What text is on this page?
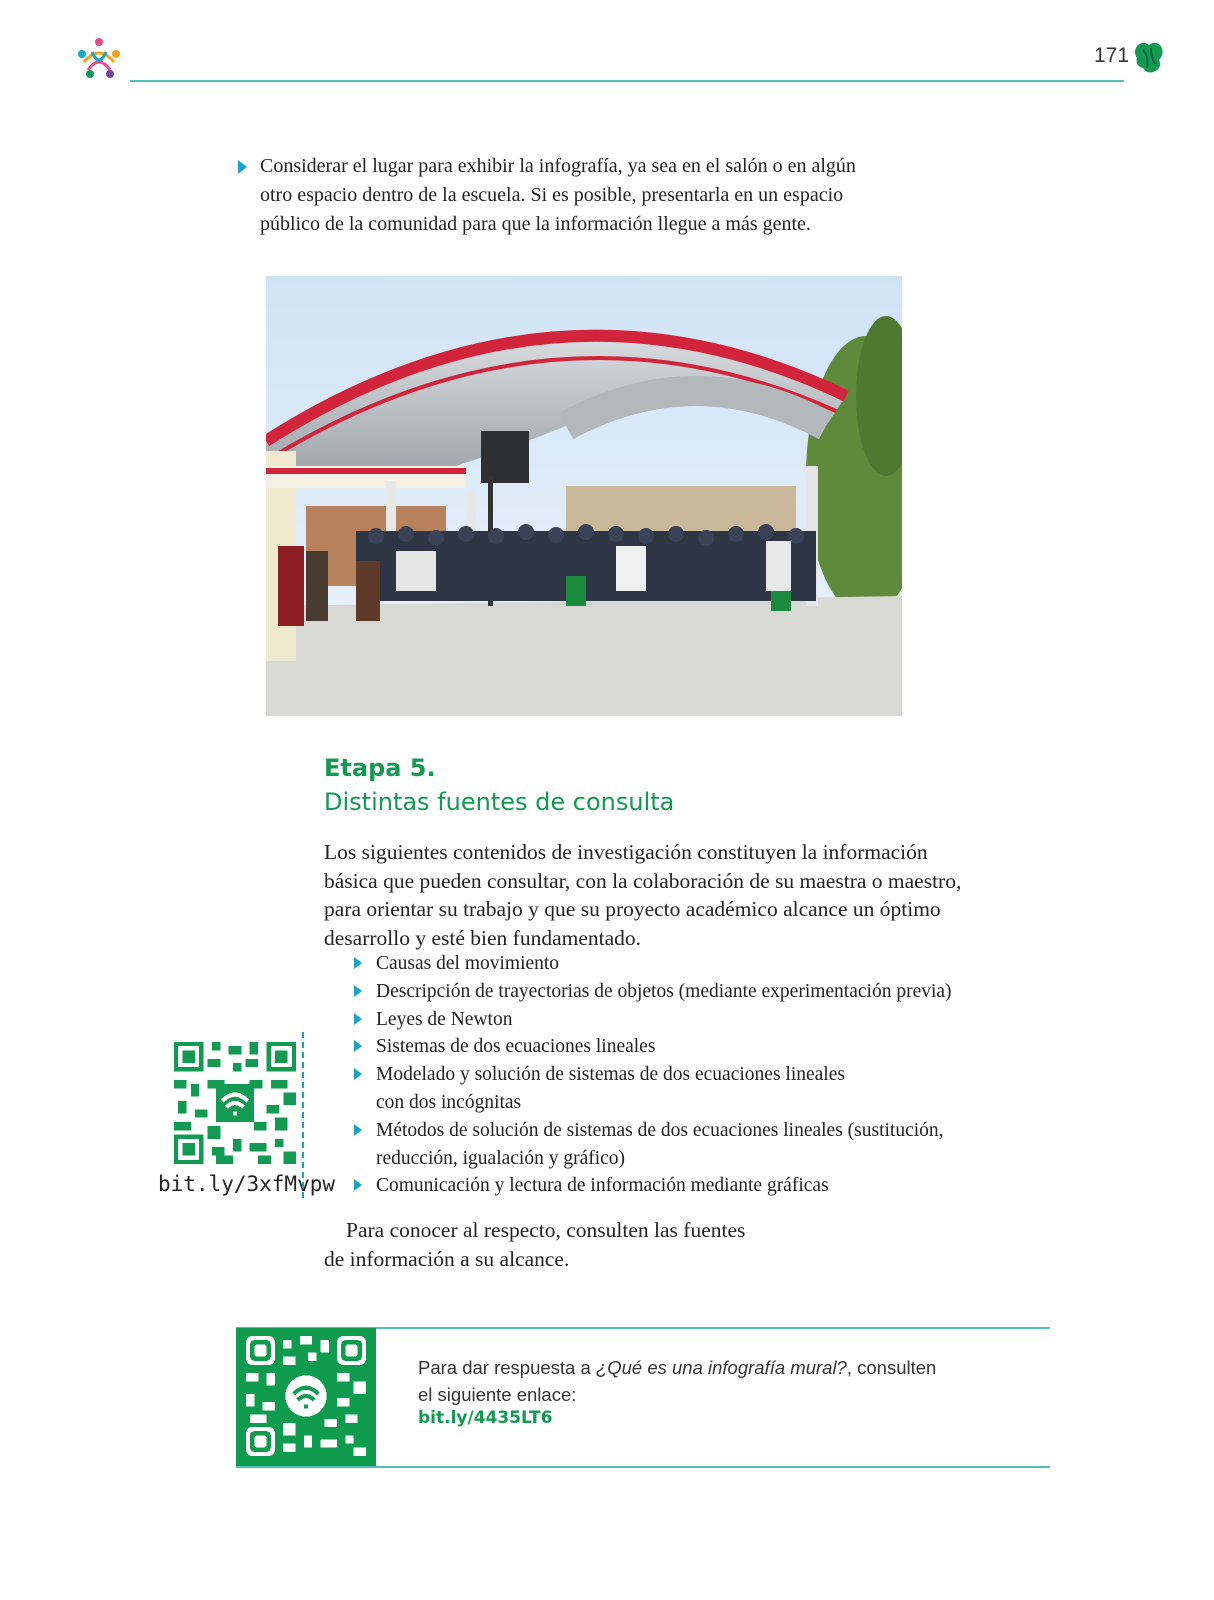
171

Considerar el lugar para exhibir la infografía, ya sea en el salón o en algún

otro espacio dentro de la escuela. Si es posible, presentarla en un espacio

público de la comunidad para que la información llegue a más gente.

Etapa 5.
Distintas fuentes de consulta

Los siguientes contenidos de investigación constituyen la información

básica que pueden consultar, con la colaboración de su maestra o maestro,

para orientar su trabajo y que su proyecto académico alcance un óptimo

desarrollo y esté bien fundamentado.

Causas del movimiento
Descripción de trayectorias de objetos (mediante experimentación previa)
Leyes de Newton
Sistemas de dos ecuaciones lineales
Modelado y solución de sistemas de dos ecuaciones lineales
con dos incógnitas
Métodos de solución de sistemas de dos ecuaciones lineales (sustitución,
reducción, igualación y gráfico)
Comunicación y lectura de información mediante gráficas
bit.ly/3xfMvpw

Para conocer al respecto, consulten las fuentes

de información a su alcance.

Para dar respuesta a ¿Qué es una infografía mural?, consulten

el siguiente enlace:

bit.ly/4435LT6
